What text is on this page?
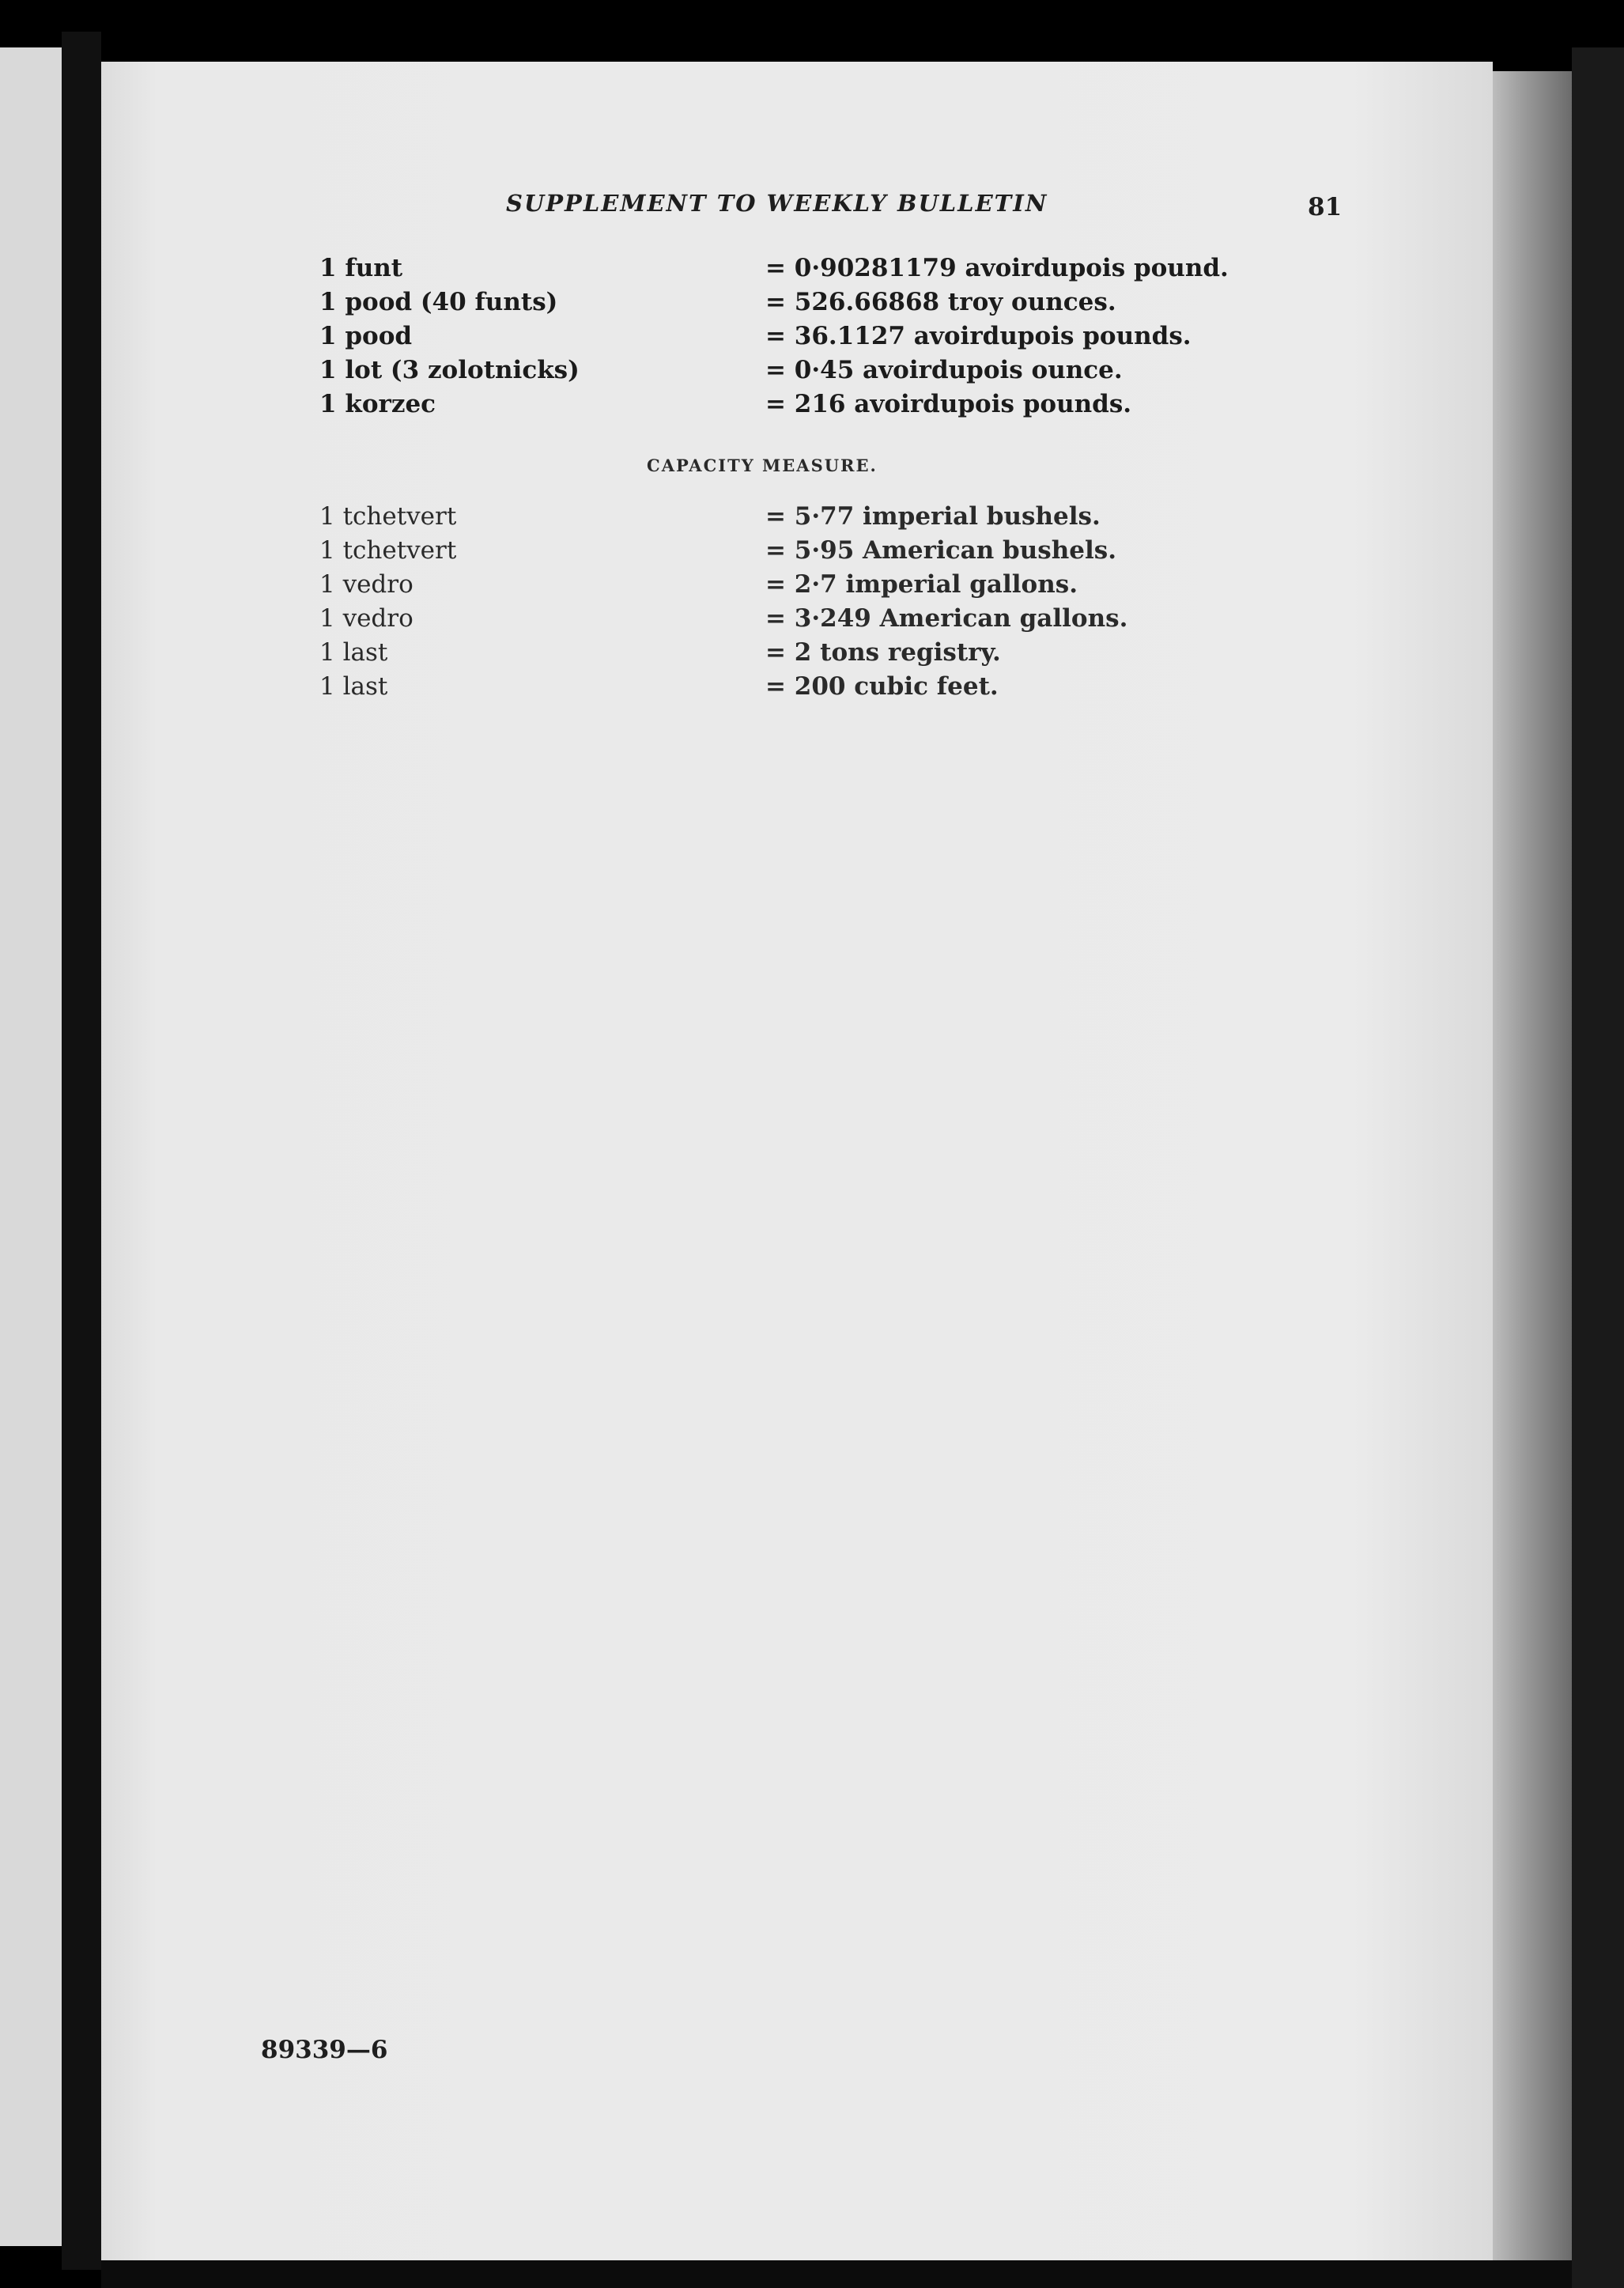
SUPPLEMENT TO WEEKLY BULLETIN	81
1 funt	= 0·90281179 avoirdupois pound.
1 pood (40 funts)	= 526.66868 troy ounces.
1 pood	= 36.1127 avoirdupois pounds.
1 lot (3 zolotnicks)	= 0·45 avoirdupois ounce.
1 korzec	= 216 avoirdupois pounds.
CAPACITY MEASURE.
1 tchetvert	= 5·77 imperial bushels.
1 tchetvert	= 5·95 American bushels.
1 vedro	= 2·7 imperial gallons.
1 vedro	= 3·249 American gallons.
1 last	= 2 tons registry.
1 last	= 200 cubic feet.
89339—6
